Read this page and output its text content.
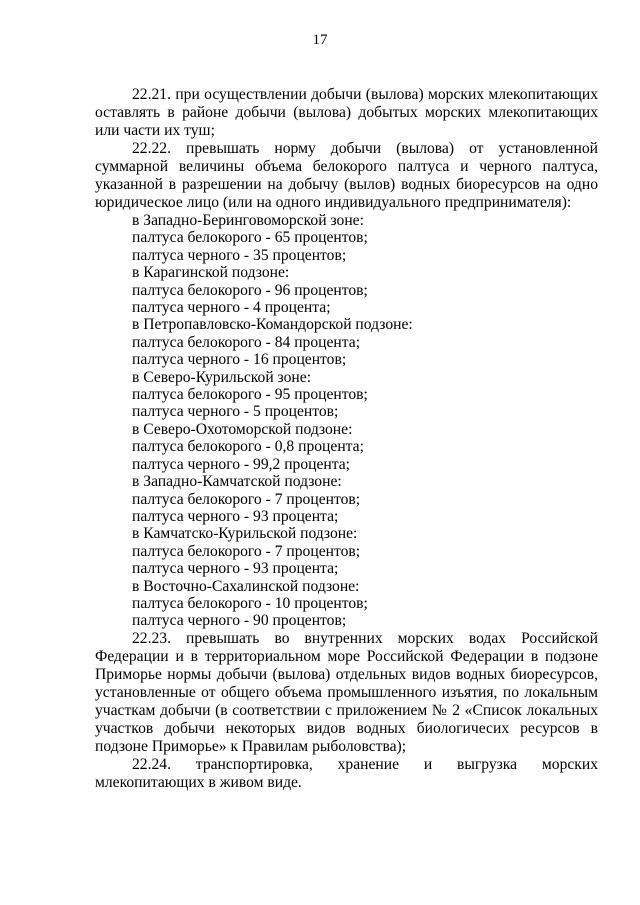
17

22.21. при осуществлении добычи (вылова) морских млекопитающих оставлять в районе добычи (вылова) добытых морских млекопитающих или части их туш;

22.22. превышать норму добычи (вылова) от установленной суммарной величины объема белокорого палтуса и черного палтуса, указанной в разрешении на добычу (вылов) водных биоресурсов на одно юридическое лицо (или на одного индивидуального предпринимателя):

в Западно-Беринговоморской зоне:

палтуса белокорого - 65 процентов;

палтуса черного - 35 процентов;

в Карагинской подзоне:

палтуса белокорого - 96 процентов;

палтуса черного - 4 процента;

в Петропавловско-Командорской подзоне:

палтуса белокорого - 84 процента;

палтуса черного - 16 процентов;

в Северо-Курильской зоне:

палтуса белокорого - 95 процентов;

палтуса черного - 5 процентов;

в Северо-Охотоморской подзоне:

палтуса белокорого - 0,8 процента;

палтуса черного - 99,2 процента;

в Западно-Камчатской подзоне:

палтуса белокорого - 7 процентов;

палтуса черного - 93 процента;

в Камчатско-Курильской подзоне:

палтуса белокорого - 7 процентов;

палтуса черного - 93 процента;

в Восточно-Сахалинской подзоне:

палтуса белокорого - 10 процентов;

палтуса черного - 90 процентов;

22.23. превышать во внутренних морских водах Российской Федерации и в территориальном море Российской Федерации в подзоне Приморье нормы добычи (вылова) отдельных видов водных биоресурсов, установленные от общего объема промышленного изъятия, по локальным участкам добычи (в соответствии с приложением № 2 «Список локальных участков добычи некоторых видов водных биологичесих ресурсов в подзоне Приморье» к Правилам рыболовства);

22.24. транспортировка, хранение и выгрузка морских млекопитающих в живом виде.
